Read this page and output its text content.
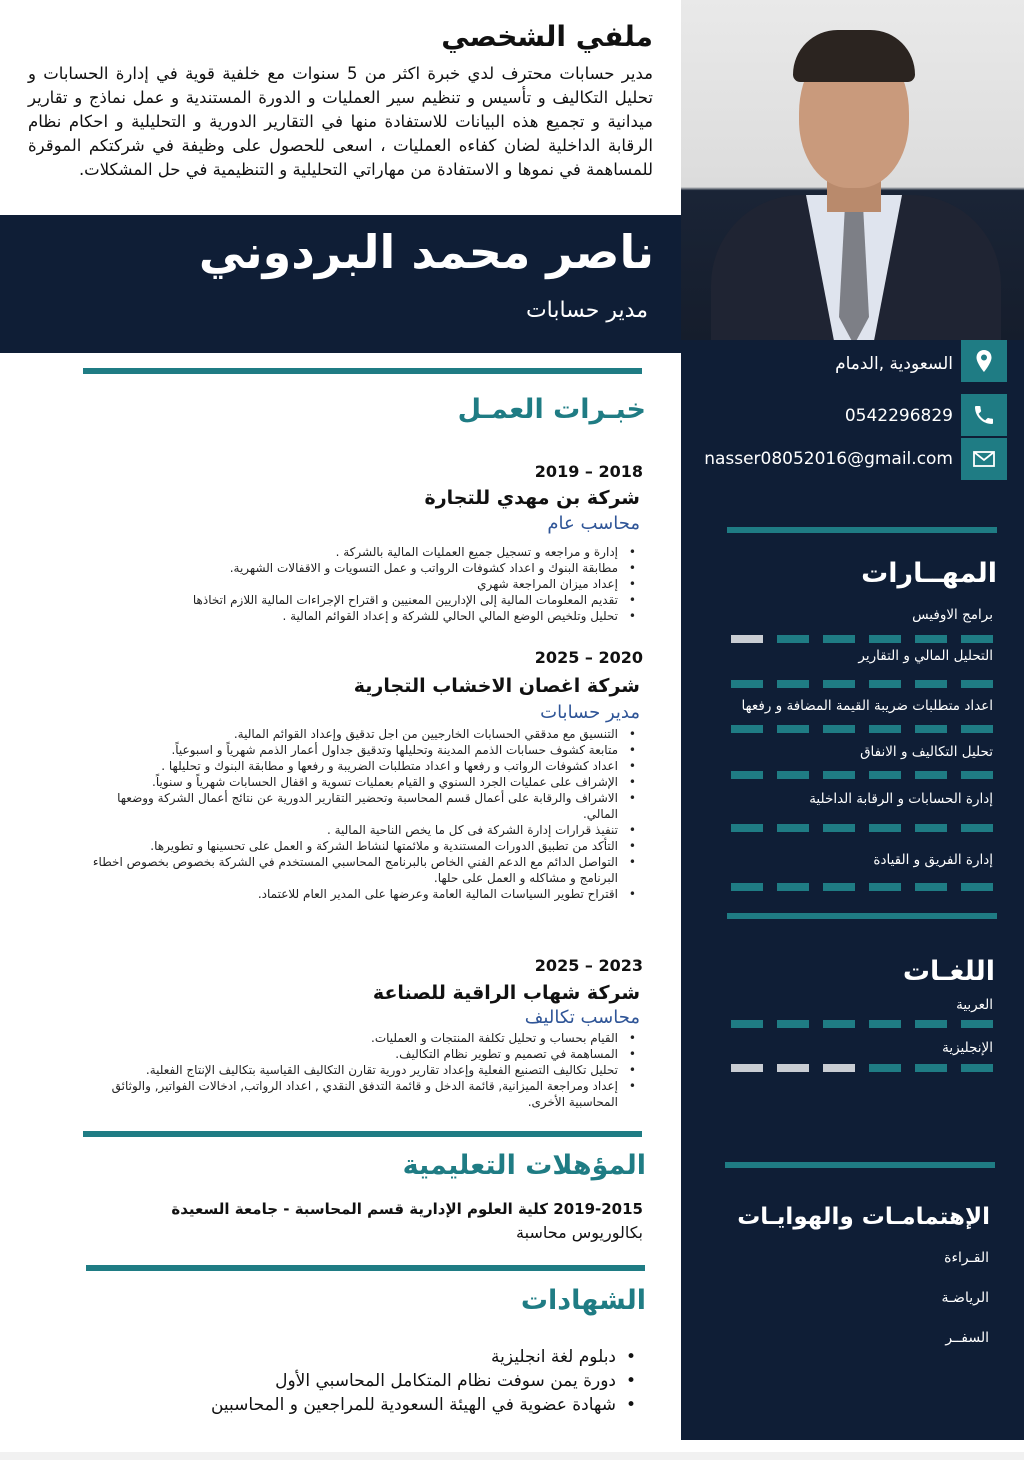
ملفي الشخصي
مدير حسابات محترف لدي خبرة اكثر من 5 سنوات مع خلفية قوية في إدارة الحسابات و تحليل التكاليف و تأسيس و تنظيم سير العمليات و الدورة المستندية و عمل نماذج و تقارير ميدانية و تجميع هذه البيانات للاستفادة منها في التقارير الدورية و التحليلية و احكام نظام الرقابة الداخلية لضان كفاءه العمليات ، اسعى للحصول على وظيفة في شركتكم الموقرة للمساهمة في نموها و الاستفادة من مهاراتي التحليلية و التنظيمية في حل المشكلات.
ناصر محمد البردوني
مدير حسابات
السعودية ,الدمام
0542296829
nasser08052016@gmail.com
المهــارات
برامج الاوفيس
التحليل المالي و التقارير
اعداد متطلبات ضريبة القيمة المضافة و رفعها
تحليل التكاليف و الانفاق
إدارة الحسابات و الرقابة الداخلية
إدارة الفريق و القيادة
اللغـات
العربية
الإنجليزية
الإهتمامـات والهوايـات
القـراءة
الرياضـة
السفــر
خبـرات العمـل
2019 – 2018
شركة بن مهدي للتجارة
محاسب عام
• إدارة و مراجعه و تسجيل جميع العمليات المالية بالشركة .
• مطابقة البنوك و اعداد كشوفات الرواتب و عمل التسويات و الاقفالات الشهرية.
• إعداد ميزان المراجعة شهري
• تقديم المعلومات المالية إلى الإداريين المعنيين و اقتراح الإجراءات المالية اللازم اتخاذها
• تحليل وتلخيص الوضع المالي الحالي للشركة و إعداد القوائم المالية .
2025 – 2020
شركة اغصان الاخشاب التجارية
مدير حسابات
• التنسيق مع مدققي الحسابات الخارجيين من اجل تدقيق وإعداد القوائم المالية.
• متابعة كشوف حسابات الذمم المدينة وتحليلها وتدقيق جداول أعمار الذمم شهرياً و اسبوعياً.
• اعداد كشوفات الرواتب و رفعها و اعداد متطلبات الضريبة و رفعها و مطابقة البنوك و تحليلها .
• الإشراف على عمليات الجرد السنوي و القيام بعمليات تسوية و اقفال الحسابات شهرياً و سنوياً.
• الاشراف والرقابة على أعمال قسم المحاسبة وتحضير التقارير الدورية عن نتائج أعمال الشركة ووضعها المالي.
• تنفيذ قرارات إدارة الشركة فى كل ما يخص الناحية المالية .
• التأكد من تطبيق الدورات المستندية و ملائمتها لنشاط الشركة و العمل على تحسينها و تطويرها.
• التواصل الدائم مع الدعم الفني الخاص بالبرنامج المحاسبي المستخدم في الشركة بخصوص بخصوص اخطاء البرنامج و مشاكله و العمل على حلها.
• اقتراح تطوير السياسات المالية العامة وعرضها على المدير العام للاعتماد.
2025 – 2023
شركة شهاب الراقية للصناعة
محاسب تكاليف
• القيام بحساب و تحليل تكلفة المنتجات و العمليات.
• المساهمة في تصميم و تطوير نظام التكاليف.
• تحليل تكاليف التصنيع الفعلية وإعداد تقارير دورية تقارن التكاليف القياسية بتكاليف الإنتاج الفعلية.
• إعداد ومراجعة الميزانية, قائمة الدخل و قائمة التدفق النقدي , اعداد الرواتب, ادخالات الفواتير, والوثائق المحاسبية الأخرى.
المؤهلات التعليمية
2019-2015 كلية العلوم الإدارية قسم المحاسبة - جامعة السعيدة
بكالوريوس محاسبة
الشهادات
• دبلوم لغة انجليزية
• دورة يمن سوفت نظام المتكامل المحاسبي الأول
• شهادة عضوية في الهيئة السعودية للمراجعين و المحاسبين
